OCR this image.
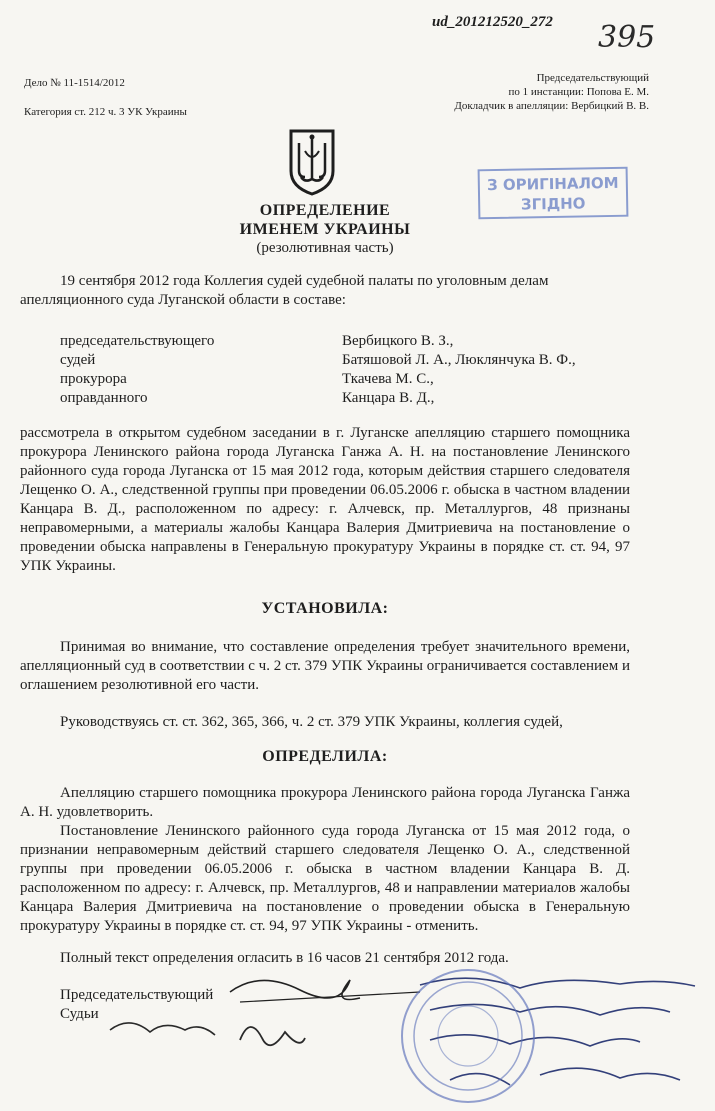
ud_201212520_272 395
Дело № 11-1514/2012
Категория ст. 212 ч. 3 УК Украины
Председательствующий
по 1 инстанции: Попова Е. М.
Докладчик в апелляции: Вербицкий В. В.
З ОРИГІНАЛОМ
ЗГІДНО
ОПРЕДЕЛЕНИЕ
ИМЕНЕМ УКРАИНЫ
(резолютивная часть)
19 сентября 2012 года Коллегия судей судебной палаты по уголовным делам
апелляционного суда Луганской области в составе:
председательствующего	Вербицкого В. З.,
судей	Батяшовой Л. А., Люклянчука В. Ф.,
прокурора	Ткачева М. С.,
оправданного	Канцара В. Д.,
рассмотрела в открытом судебном заседании в г. Луганске апелляцию старшего помощника прокурора Ленинского района города Луганска Ганжа А. Н. на постановление Ленинского районного суда города Луганска от 15 мая 2012 года, которым действия старшего следователя Лещенко О. А., следственной группы при проведении 06.05.2006 г. обыска в частном владении Канцара В. Д., расположенном по адресу: г. Алчевск, пр. Металлургов, 48 признаны неправомерными, а материалы жалобы Канцара Валерия Дмитриевича на постановление о проведении обыска направлены в Генеральную прокуратуру Украины в порядке ст. ст. 94, 97 УПК Украины.
УСТАНОВИЛА:
Принимая во внимание, что составление определения требует значительного времени, апелляционный суд в соответствии с ч. 2 ст. 379 УПК Украины ограничивается составлением и оглашением резолютивной его части.
Руководствуясь ст. ст. 362, 365, 366, ч. 2 ст. 379 УПК Украины, коллегия судей,
ОПРЕДЕЛИЛА:
Апелляцию старшего помощника прокурора Ленинского района города Луганска Ганжа А. Н. удовлетворить.
Постановление Ленинского районного суда города Луганска от 15 мая 2012 года, о признании неправомерным действий старшего следователя Лещенко О. А., следственной группы при проведении 06.05.2006 г. обыска в частном владении Канцара В. Д. расположенном по адресу: г. Алчевск, пр. Металлургов, 48 и направлении материалов жалобы Канцара Валерия Дмитриевича на постановление о проведении обыска в Генеральную прокуратуру Украины в порядке ст. ст. 94, 97 УПК Украины - отменить.
Полный текст определения огласить в 16 часов 21 сентября 2012 года.
Председательствующий
Судьи
